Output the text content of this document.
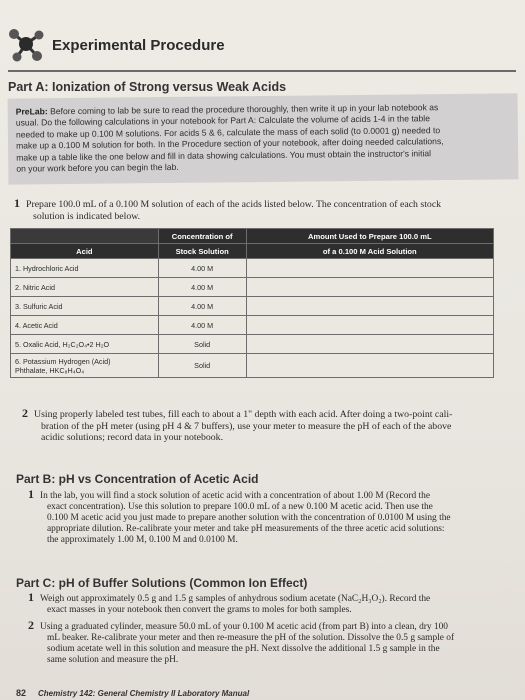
Experimental Procedure
Part A: Ionization of Strong versus Weak Acids
PreLab: Before coming to lab be sure to read the procedure thoroughly, then write it up in your lab notebook as
usual. Do the following calculations in your notebook for Part A: Calculate the volume of acids 1-4 in the table
needed to make up 0.100 M solutions. For acids 5 & 6, calculate the mass of each solid (to 0.0001 g) needed to
make up a 0.100 M solution for both. In the Procedure section of your notebook, after doing needed calculations,
make up a table like the one below and fill in data showing calculations. You must obtain the instructor's initial
on your work before you can begin the lab.
1 Prepare 100.0 mL of a 0.100 M solution of each of the acids listed below. The concentration of each stock
solution is indicated below.
	Concentration of	Amount Used to Prepare 100.0 mL
Acid	Stock Solution	of a 0.100 M Acid Solution
1. Hydrochloric Acid	4.00 M	
2. Nitric Acid	4.00 M	
3. Sulfuric Acid	4.00 M	
4. Acetic Acid	4.00 M	
5. Oxalic Acid, H₂C₂O₄•2 H₂O	Solid	
6. Potassium Hydrogen (Acid)
Phthalate, HKC₈H₄O₄	Solid	
2 Using properly labeled test tubes, fill each to about a 1" depth with each acid. After doing a two-point cali-
bration of the pH meter (using pH 4 & 7 buffers), use your meter to measure the pH of each of the above
acidic solutions; record data in your notebook.
Part B: pH vs Concentration of Acetic Acid
1 In the lab, you will find a stock solution of acetic acid with a concentration of about 1.00 M (Record the
exact concentration). Use this solution to prepare 100.0 mL of a new 0.100 M acetic acid. Then use the
0.100 M acetic acid you just made to prepare another solution with the concentration of 0.0100 M using the
appropriate dilution. Re-calibrate your meter and take pH measurements of the three acetic acid solutions:
the approximately 1.00 M, 0.100 M and 0.0100 M.
Part C: pH of Buffer Solutions (Common Ion Effect)
1 Weigh out approximately 0.5 g and 1.5 g samples of anhydrous sodium acetate (NaC₂H₃O₂). Record the
exact masses in your notebook then convert the grams to moles for both samples.
2 Using a graduated cylinder, measure 50.0 mL of your 0.100 M acetic acid (from part B) into a clean, dry 100
mL beaker. Re-calibrate your meter and then re-measure the pH of the solution. Dissolve the 0.5 g sample of
sodium acetate well in this solution and measure the pH. Next dissolve the additional 1.5 g sample in the
same solution and measure the pH.
82 Chemistry 142: General Chemistry II Laboratory Manual
